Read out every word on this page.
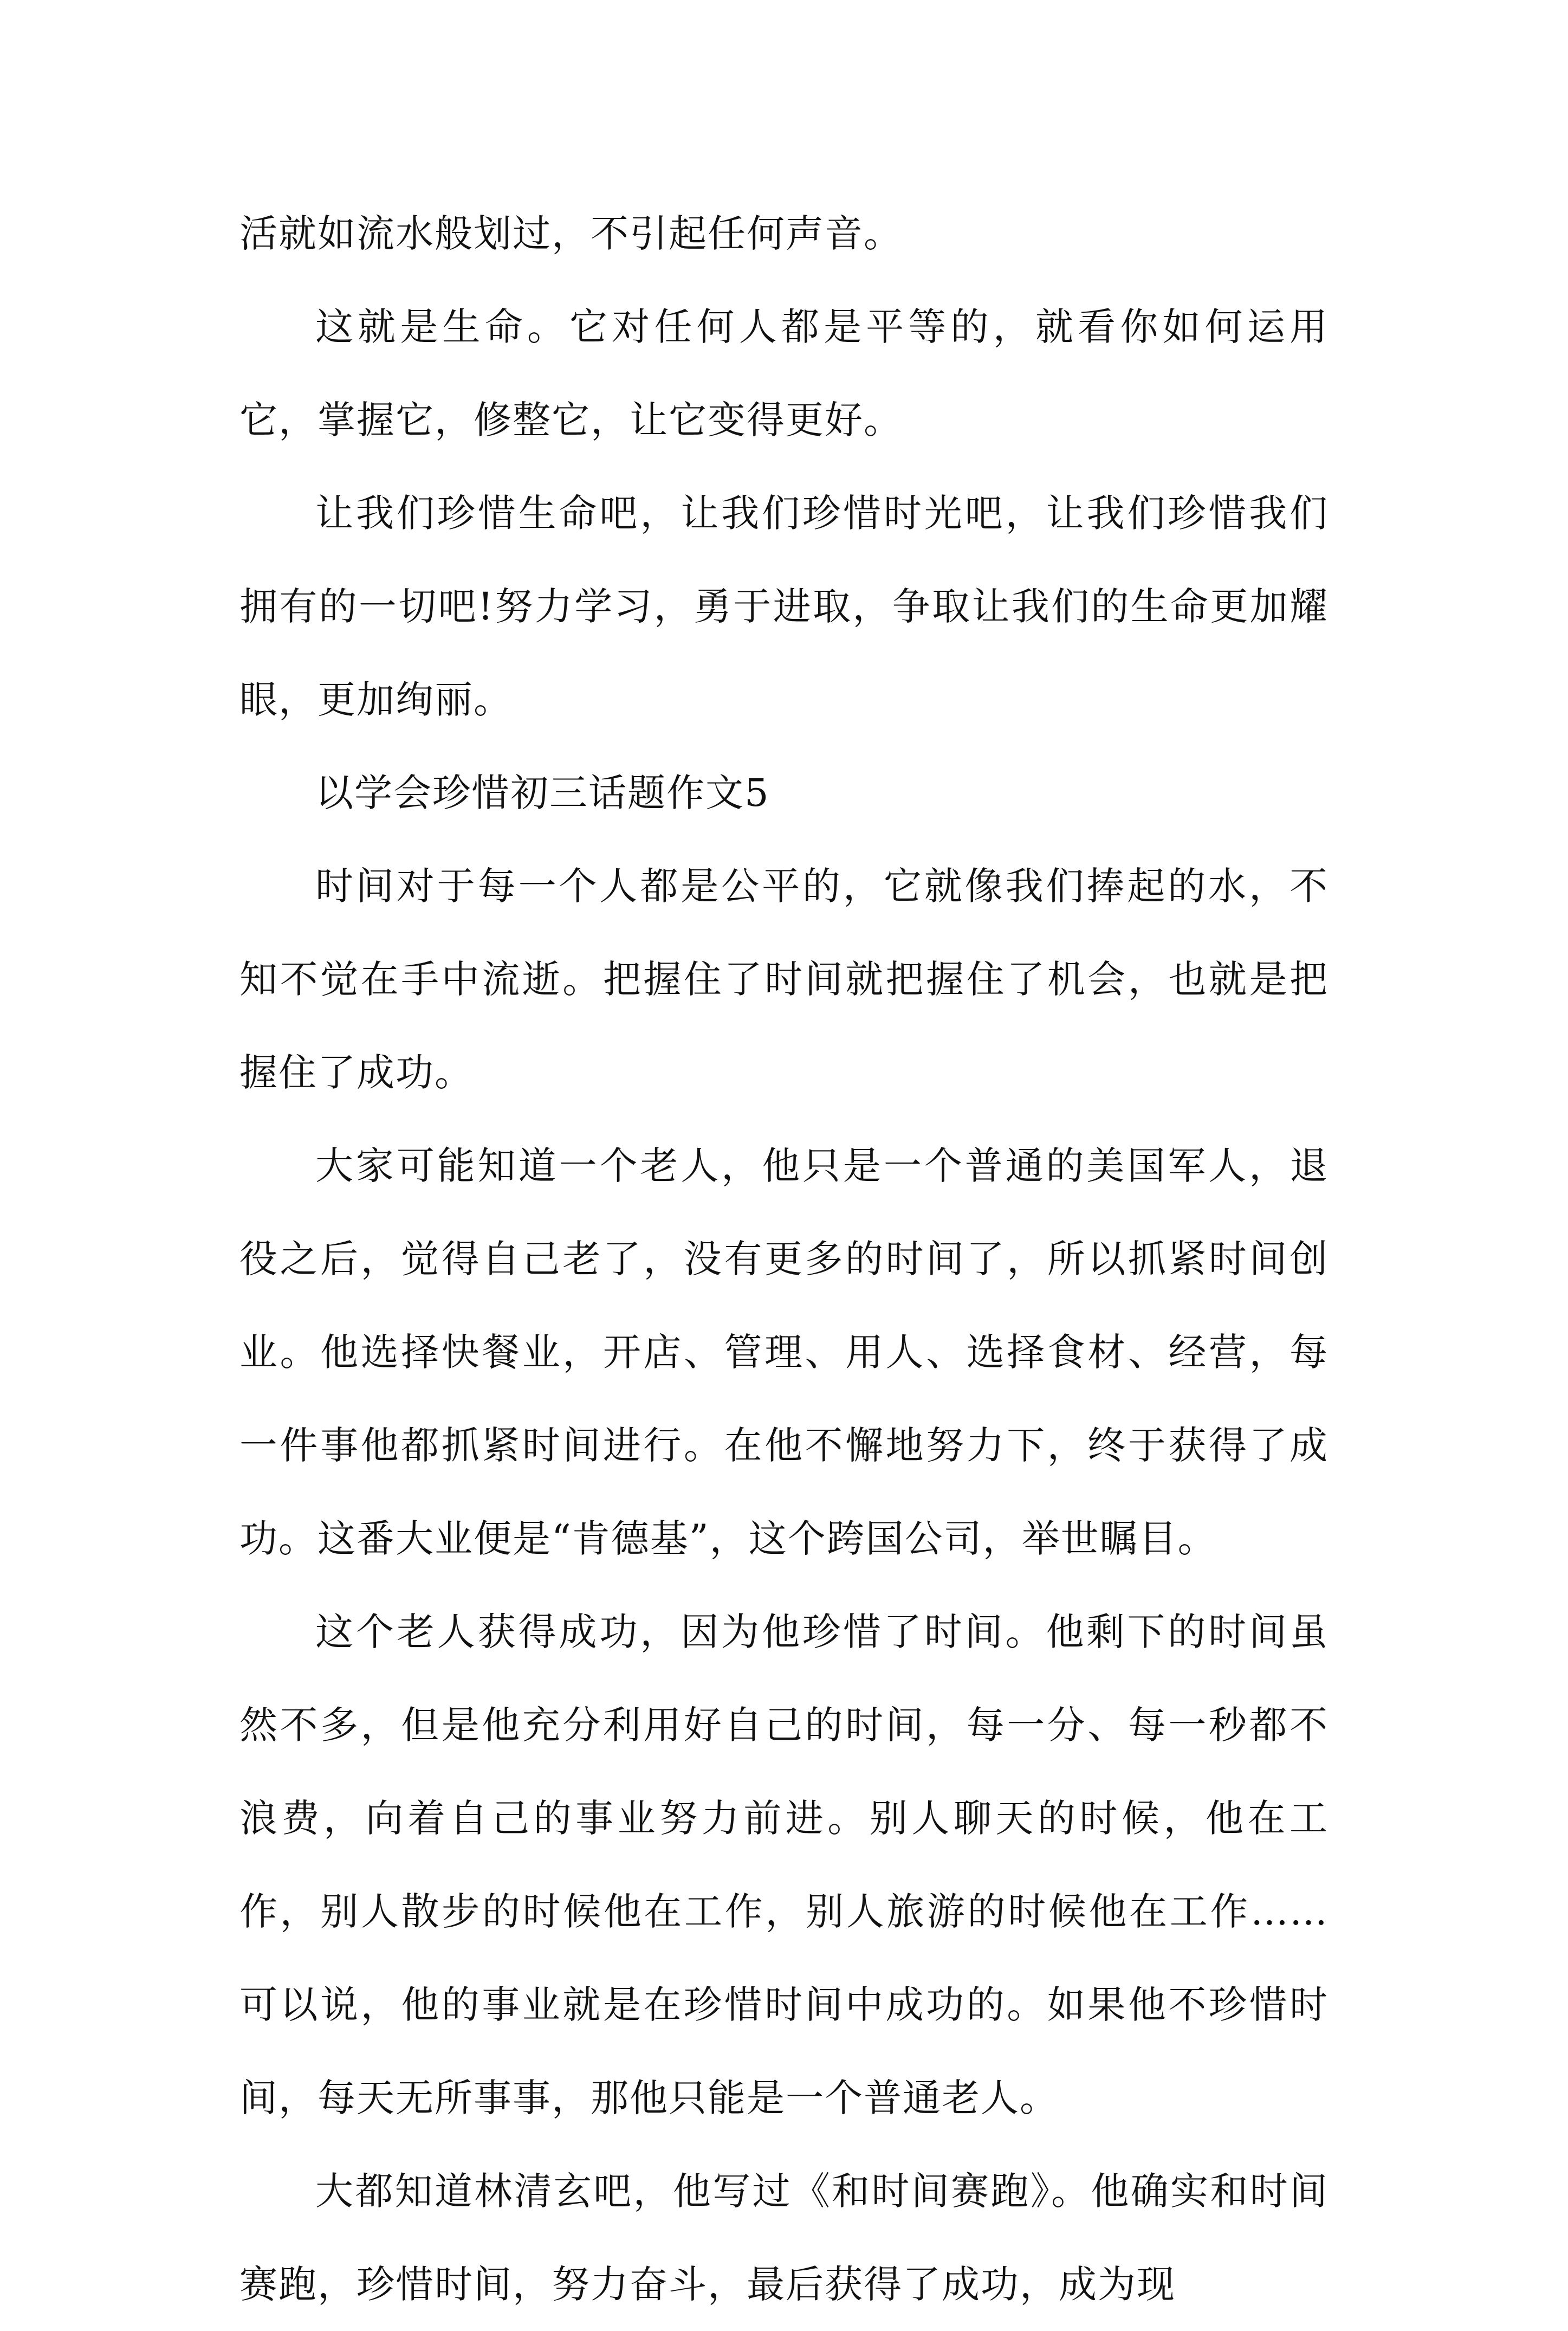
活就如流水般划过，不引起任何声音。

这就是生命。它对任何人都是平等的，就看你如何运用它，掌握它，修整它，让它变得更好。

让我们珍惜生命吧，让我们珍惜时光吧，让我们珍惜我们拥有的一切吧!努力学习，勇于进取，争取让我们的生命更加耀眼，更加绚丽。

以学会珍惜初三话题作文5

时间对于每一个人都是公平的，它就像我们捧起的水，不知不觉在手中流逝。把握住了时间就把握住了机会，也就是把握住了成功。

大家可能知道一个老人，他只是一个普通的美国军人，退役之后，觉得自己老了，没有更多的时间了，所以抓紧时间创业。他选择快餐业，开店、管理、用人、选择食材、经营，每一件事他都抓紧时间进行。在他不懈地努力下，终于获得了成功。这番大业便是“肯德基”，这个跨国公司，举世瞩目。

这个老人获得成功，因为他珍惜了时间。他剩下的时间虽然不多，但是他充分利用好自己的时间，每一分、每一秒都不浪费，向着自己的事业努力前进。别人聊天的时候，他在工作，别人散步的时候他在工作，别人旅游的时候他在工作……可以说，他的事业就是在珍惜时间中成功的。如果他不珍惜时间，每天无所事事，那他只能是一个普通老人。

大都知道林清玄吧，他写过《和时间赛跑》。他确实和时间赛跑，珍惜时间，努力奋斗，最后获得了成功，成为现
